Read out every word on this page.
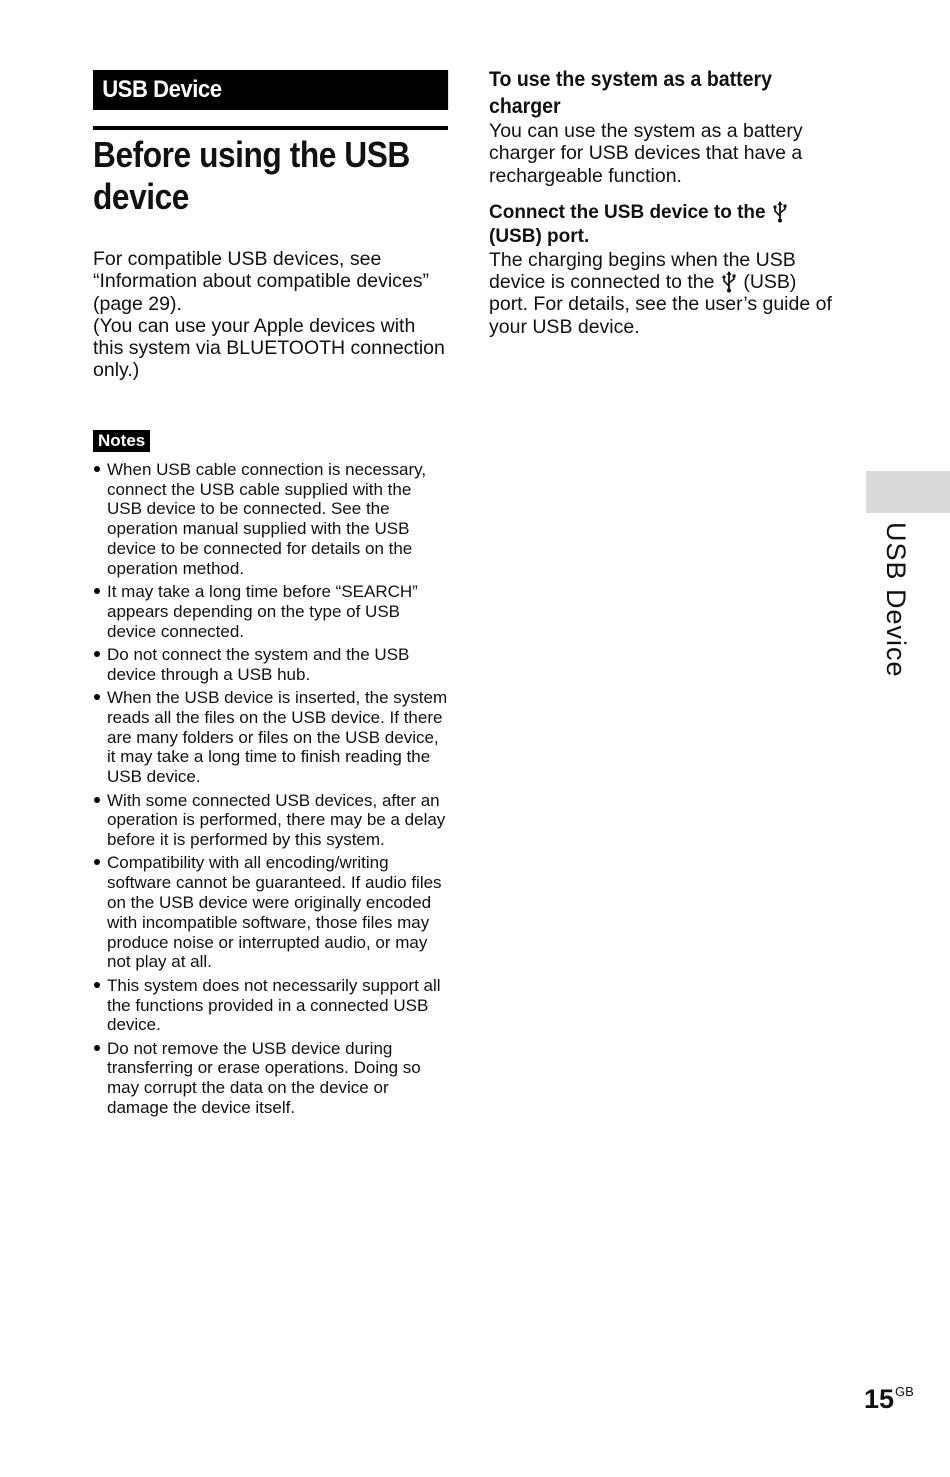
USB Device
Before using the USB device

For compatible USB devices, see “Information about compatible devices” (page 29).

(You can use your Apple devices with this system via BLUETOOTH connection only.)

Notes
When USB cable connection is necessary, connect the USB cable supplied with the USB device to be connected. See the operation manual supplied with the USB device to be connected for details on the operation method.
It may take a long time before “SEARCH” appears depending on the type of USB device connected.
Do not connect the system and the USB device through a USB hub.
When the USB device is inserted, the system reads all the files on the USB device. If there are many folders or files on the USB device, it may take a long time to finish reading the USB device.
With some connected USB devices, after an operation is performed, there may be a delay before it is performed by this system.
Compatibility with all encoding/writing software cannot be guaranteed. If audio files on the USB device were originally encoded with incompatible software, those files may produce noise or interrupted audio, or may not play at all.
This system does not necessarily support all the functions provided in a connected USB device.
Do not remove the USB device during transferring or erase operations. Doing so may corrupt the data on the device or damage the device itself.
To use the system as a battery charger

You can use the system as a battery charger for USB devices that have a rechargeable function.

Connect the USB device to the  (USB) port.

The charging begins when the USB device is connected to the (USB) port. For details, see the user’s guide of your USB device.

USB Device
$15^{GB}$
